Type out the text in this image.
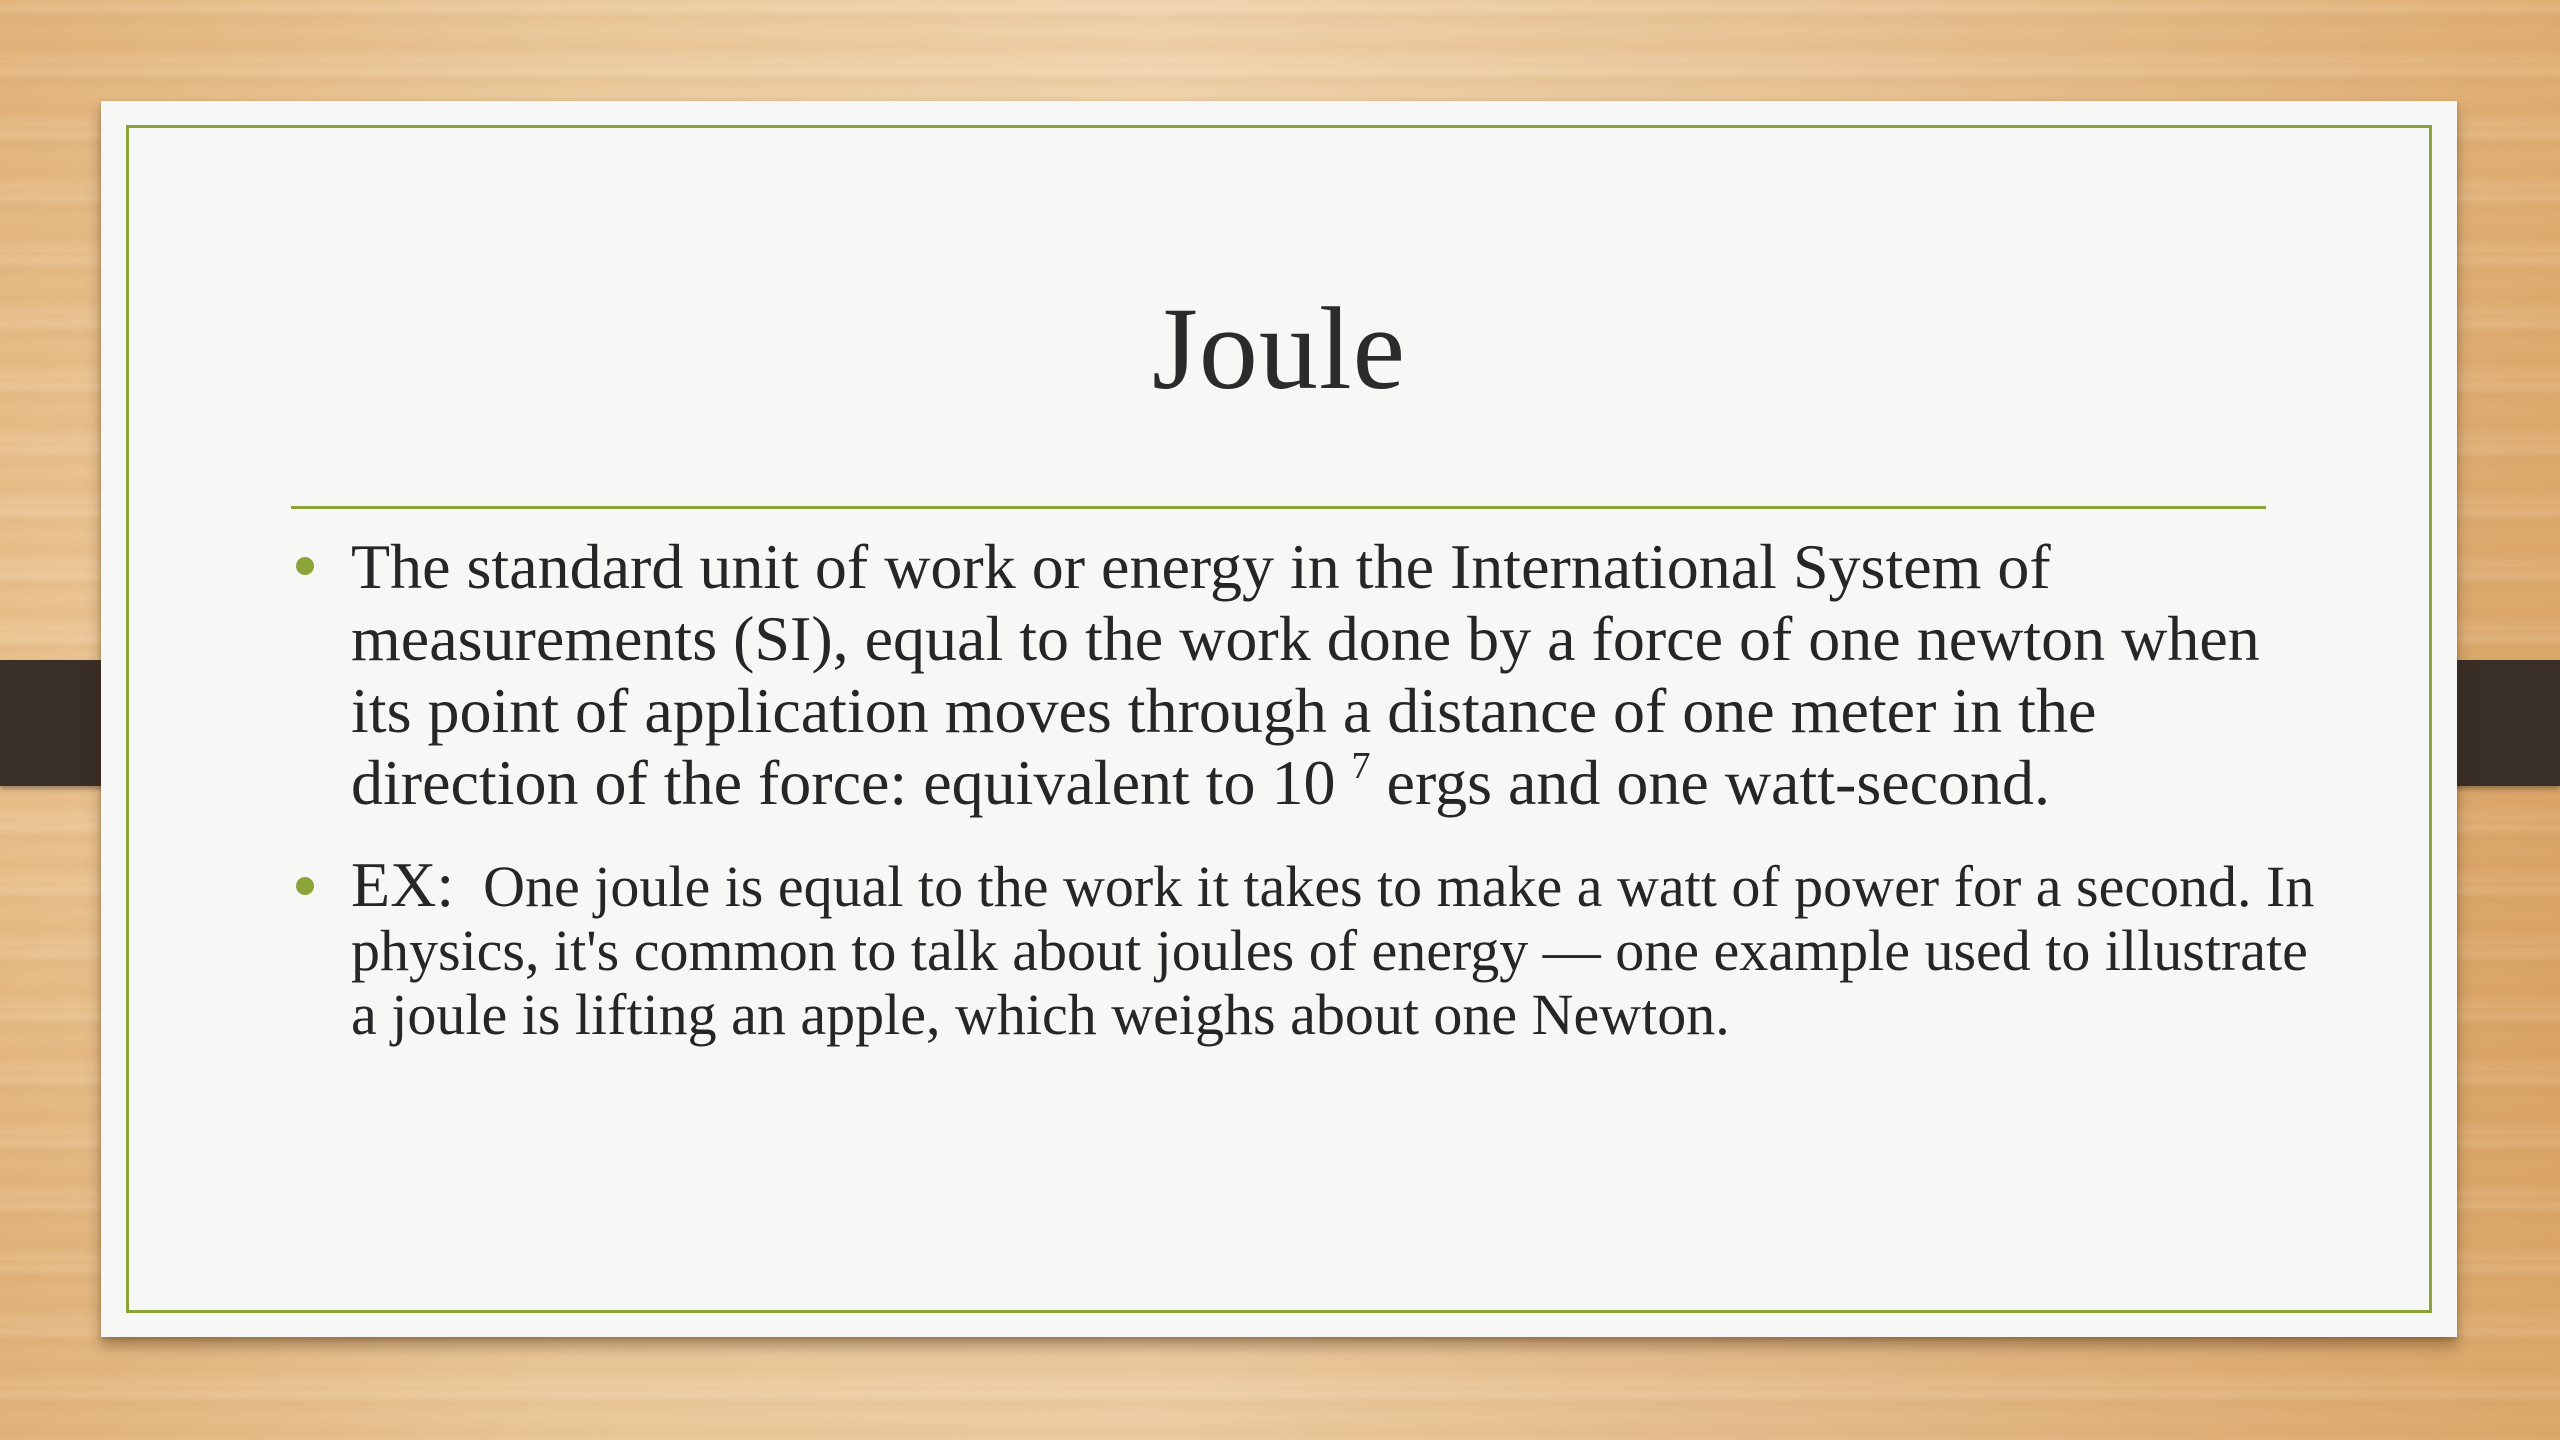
Joule
The standard unit of work or energy in the International System of measurements (SI), equal to the work done by a force of one newton when its point of application moves through a distance of one meter in the direction of the force: equivalent to 10 $^7$ ergs and one watt-second.
EX: One joule is equal to the work it takes to make a watt of power for a second. In physics, it's common to talk about joules of energy — one example used to illustrate a joule is lifting an apple, which weighs about one Newton.
